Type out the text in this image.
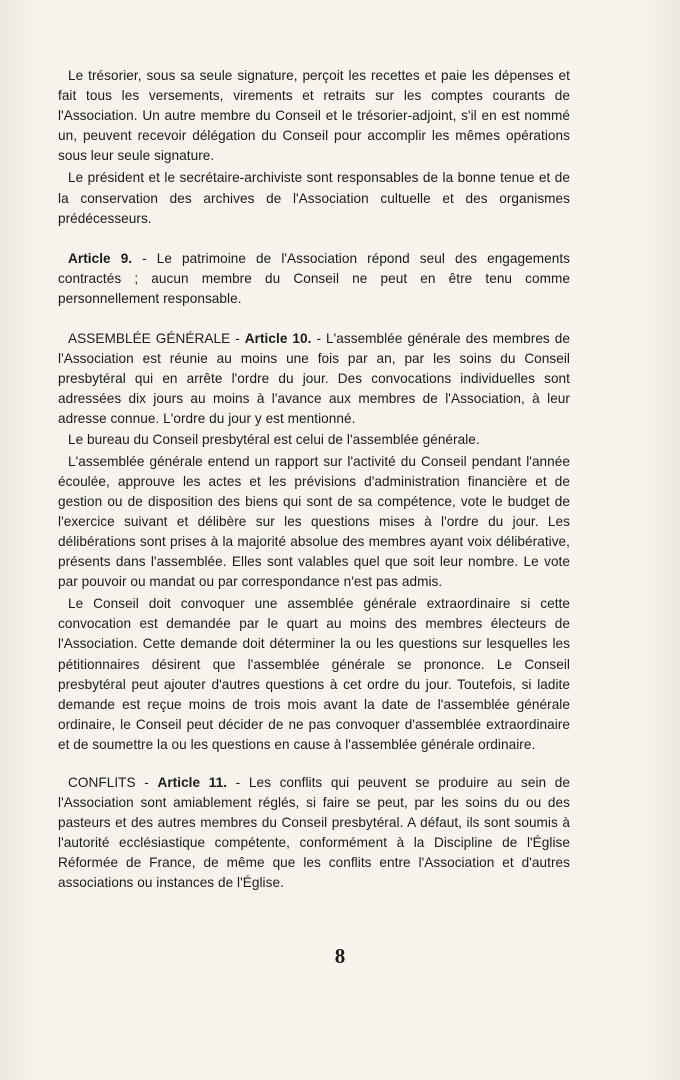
Le trésorier, sous sa seule signature, perçoit les recettes et paie les dépenses et fait tous les versements, virements et retraits sur les comptes courants de l'Association. Un autre membre du Conseil et le trésorier-adjoint, s'il en est nommé un, peuvent recevoir délégation du Conseil pour accomplir les mêmes opérations sous leur seule signature.

Le président et le secrétaire-archiviste sont responsables de la bonne tenue et de la conservation des archives de l'Association cultuelle et des organismes prédécesseurs.

Article 9. - Le patrimoine de l'Association répond seul des engagements contractés ; aucun membre du Conseil ne peut en être tenu comme personnellement responsable.

ASSEMBLÉE GÉNÉRALE - Article 10. - L'assemblée générale des membres de l'Association est réunie au moins une fois par an, par les soins du Conseil presbytéral qui en arrête l'ordre du jour. Des convocations individuelles sont adressées dix jours au moins à l'avance aux membres de l'Association, à leur adresse connue. L'ordre du jour y est mentionné.

Le bureau du Conseil presbytéral est celui de l'assemblée générale.

L'assemblée générale entend un rapport sur l'activité du Conseil pendant l'année écoulée, approuve les actes et les prévisions d'administration financière et de gestion ou de disposition des biens qui sont de sa compétence, vote le budget de l'exercice suivant et délibère sur les questions mises à l'ordre du jour. Les délibérations sont prises à la majorité absolue des membres ayant voix délibérative, présents dans l'assemblée. Elles sont valables quel que soit leur nombre. Le vote par pouvoir ou mandat ou par correspondance n'est pas admis.

Le Conseil doit convoquer une assemblée générale extraordinaire si cette convocation est demandée par le quart au moins des membres électeurs de l'Association. Cette demande doit déterminer la ou les questions sur lesquelles les pétitionnaires désirent que l'assemblée générale se prononce. Le Conseil presbytéral peut ajouter d'autres questions à cet ordre du jour. Toutefois, si ladite demande est reçue moins de trois mois avant la date de l'assemblée générale ordinaire, le Conseil peut décider de ne pas convoquer d'assemblée extraordinaire et de soumettre la ou les questions en cause à l'assemblée générale ordinaire.

CONFLITS - Article 11. - Les conflits qui peuvent se produire au sein de l'Association sont amiablement réglés, si faire se peut, par les soins du ou des pasteurs et des autres membres du Conseil presbytéral. A défaut, ils sont soumis à l'autorité ecclésiastique compétente, conformément à la Discipline de l'Église Réformée de France, de même que les conflits entre l'Association et d'autres associations ou instances de l'Église.

8
